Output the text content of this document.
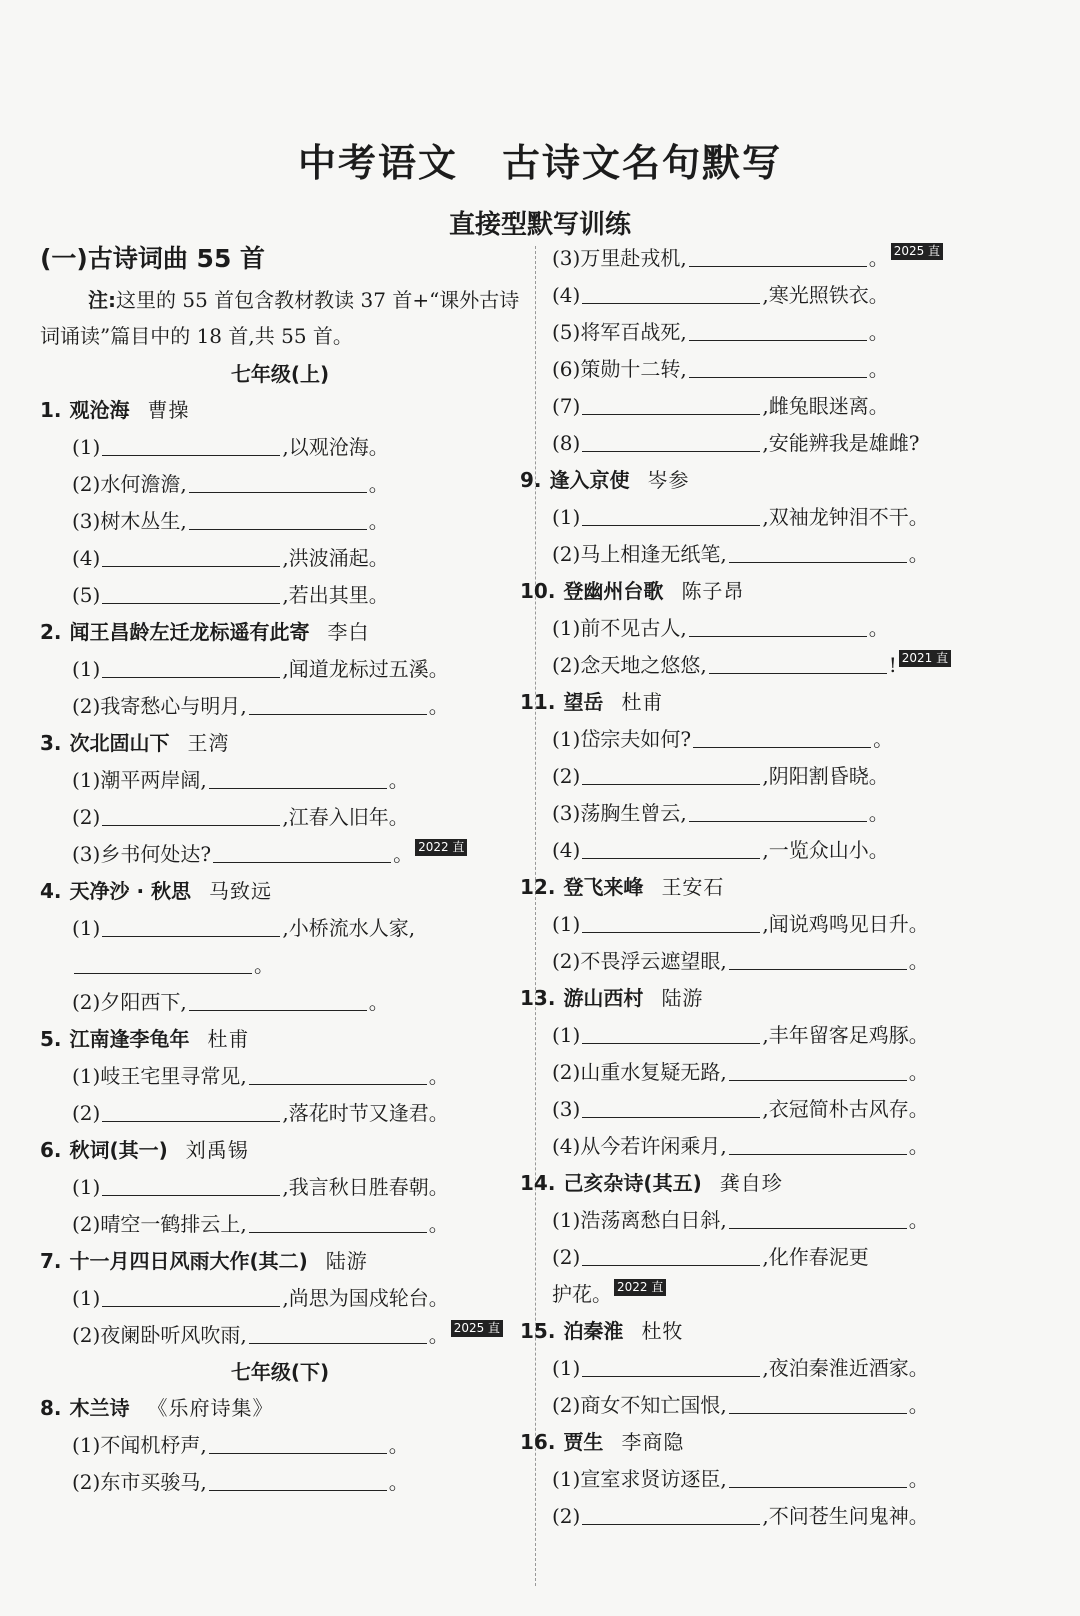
中考语文 古诗文名句默写
直接型默写训练
(一)古诗词曲 55 首
注:这里的 55 首包含教材教读 37 首+“课外古诗词诵读”篇目中的 18 首,共 55 首。
七年级(上)
1. 观沧海 曹操
(1)	,以观沧海。
(2)水何澹澹,	。
(3)树木丛生,	。
(4)	,洪波涌起。
(5)	,若出其里。
2. 闻王昌龄左迁龙标遥有此寄 李白
(1)	,闻道龙标过五溪。
(2)我寄愁心与明月,	。
3. 次北固山下 王湾
(1)潮平两岸阔,	。
(2)	,江春入旧年。
(3)乡书何处达?	。 2022 直
4. 天净沙 · 秋思 马致远
(1)	,小桥流水人家,
。
(2)夕阳西下,	。
5. 江南逢李龟年 杜甫
(1)岐王宅里寻常见,	。
(2)	,落花时节又逢君。
6. 秋词(其一) 刘禹锡
(1)	,我言秋日胜春朝。
(2)晴空一鹤排云上,	。
7. 十一月四日风雨大作(其二) 陆游
(1)	,尚思为国戍轮台。
(2)夜阑卧听风吹雨,	。 2025 直
七年级(下)
8. 木兰诗 《乐府诗集》
(1)不闻机杼声,	。
(2)东市买骏马,	。
(3)万里赴戎机,	。 2025 直
(4)	,寒光照铁衣。
(5)将军百战死,	。
(6)策勋十二转,	。
(7)	,雌兔眼迷离。
(8)	,安能辨我是雄雌?
9. 逢入京使 岑参
(1)	,双袖龙钟泪不干。
(2)马上相逢无纸笔,	。
10. 登幽州台歌 陈子昂
(1)前不见古人,	。
(2)念天地之悠悠,	! 2021 直
11. 望岳 杜甫
(1)岱宗夫如何?	。
(2)	,阴阳割昏晓。
(3)荡胸生曾云,	。
(4)	,一览众山小。
12. 登飞来峰 王安石
(1)	,闻说鸡鸣见日升。
(2)不畏浮云遮望眼,	。
13. 游山西村 陆游
(1)	,丰年留客足鸡豚。
(2)山重水复疑无路,	。
(3)	,衣冠简朴古风存。
(4)从今若许闲乘月,	。
14. 己亥杂诗(其五) 龚自珍
(1)浩荡离愁白日斜,	。
(2)	,化作春泥更
护花。 2022 直
15. 泊秦淮 杜牧
(1)	,夜泊秦淮近酒家。
(2)商女不知亡国恨,	。
16. 贾生 李商隐
(1)宣室求贤访逐臣,	。
(2)	,不问苍生问鬼神。
